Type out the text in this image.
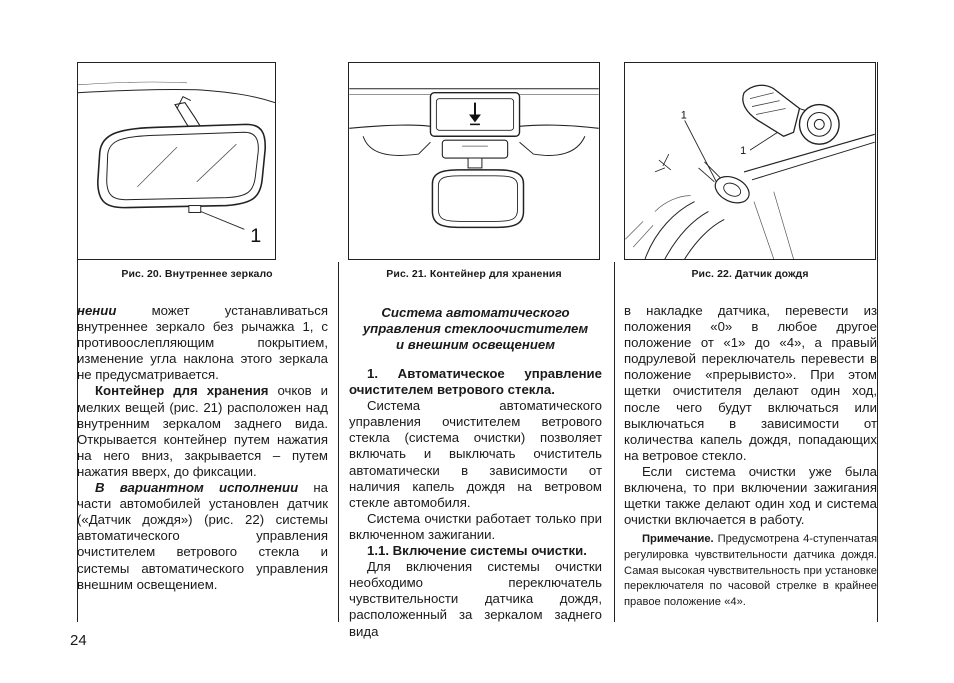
1
Рис. 20. Внутреннее зеркало	Рис. 21. Контейнер для хранения
1
1
Рис. 22. Датчик дождя

нении может устанавливаться внутреннее зеркало без рычажка 1, с противоослепляющим покрытием, изменение угла наклона этого зеркала не предусматривается.

Контейнер для хранения очков и мелких вещей (рис. 21) расположен над внутренним зеркалом заднего вида. Открывается контейнер путем нажатия на него вниз, закрывается – путем нажатия вверх, до фиксации.

В вариантном исполнении на части автомобилей установлен датчик («Датчик дождя») (рис. 22) системы автоматического управления очистителем ветрового стекла и системы автоматического управления внешним освещением.

Система автоматического
управления стеклоочистителем
и внешним освещением

1. Автоматическое управление очистителем ветрового стекла.

Система автоматического управления очистителем ветрового стекла (система очистки) позволяет включать и выключать очиститель автоматически в зависимости от наличия капель дождя на ветровом стекле автомобиля.

Система очистки работает только при включенном зажигании.

1.1. Включение системы очистки.

Для включения системы очистки необходимо переключатель чувствительности датчика дождя, расположенный за зеркалом заднего вида

в накладке датчика, перевести из положения «0» в любое другое положение от «1» до «4», а правый подрулевой переключатель перевести в положение «прерывисто». При этом щетки очистителя делают один ход, после чего будут включаться или выключаться в зависимости от количества капель дождя, попадающих на ветровое стекло.

Если система очистки уже была включена, то при включении зажигания щетки также делают один ход и система очистки включается в работу.

Примечание. Предусмотрена 4-ступенчатая регулировка чувствительности датчика дождя. Самая высокая чувствительность при установке переключателя по часовой стрелке в крайнее правое положение «4».

24
